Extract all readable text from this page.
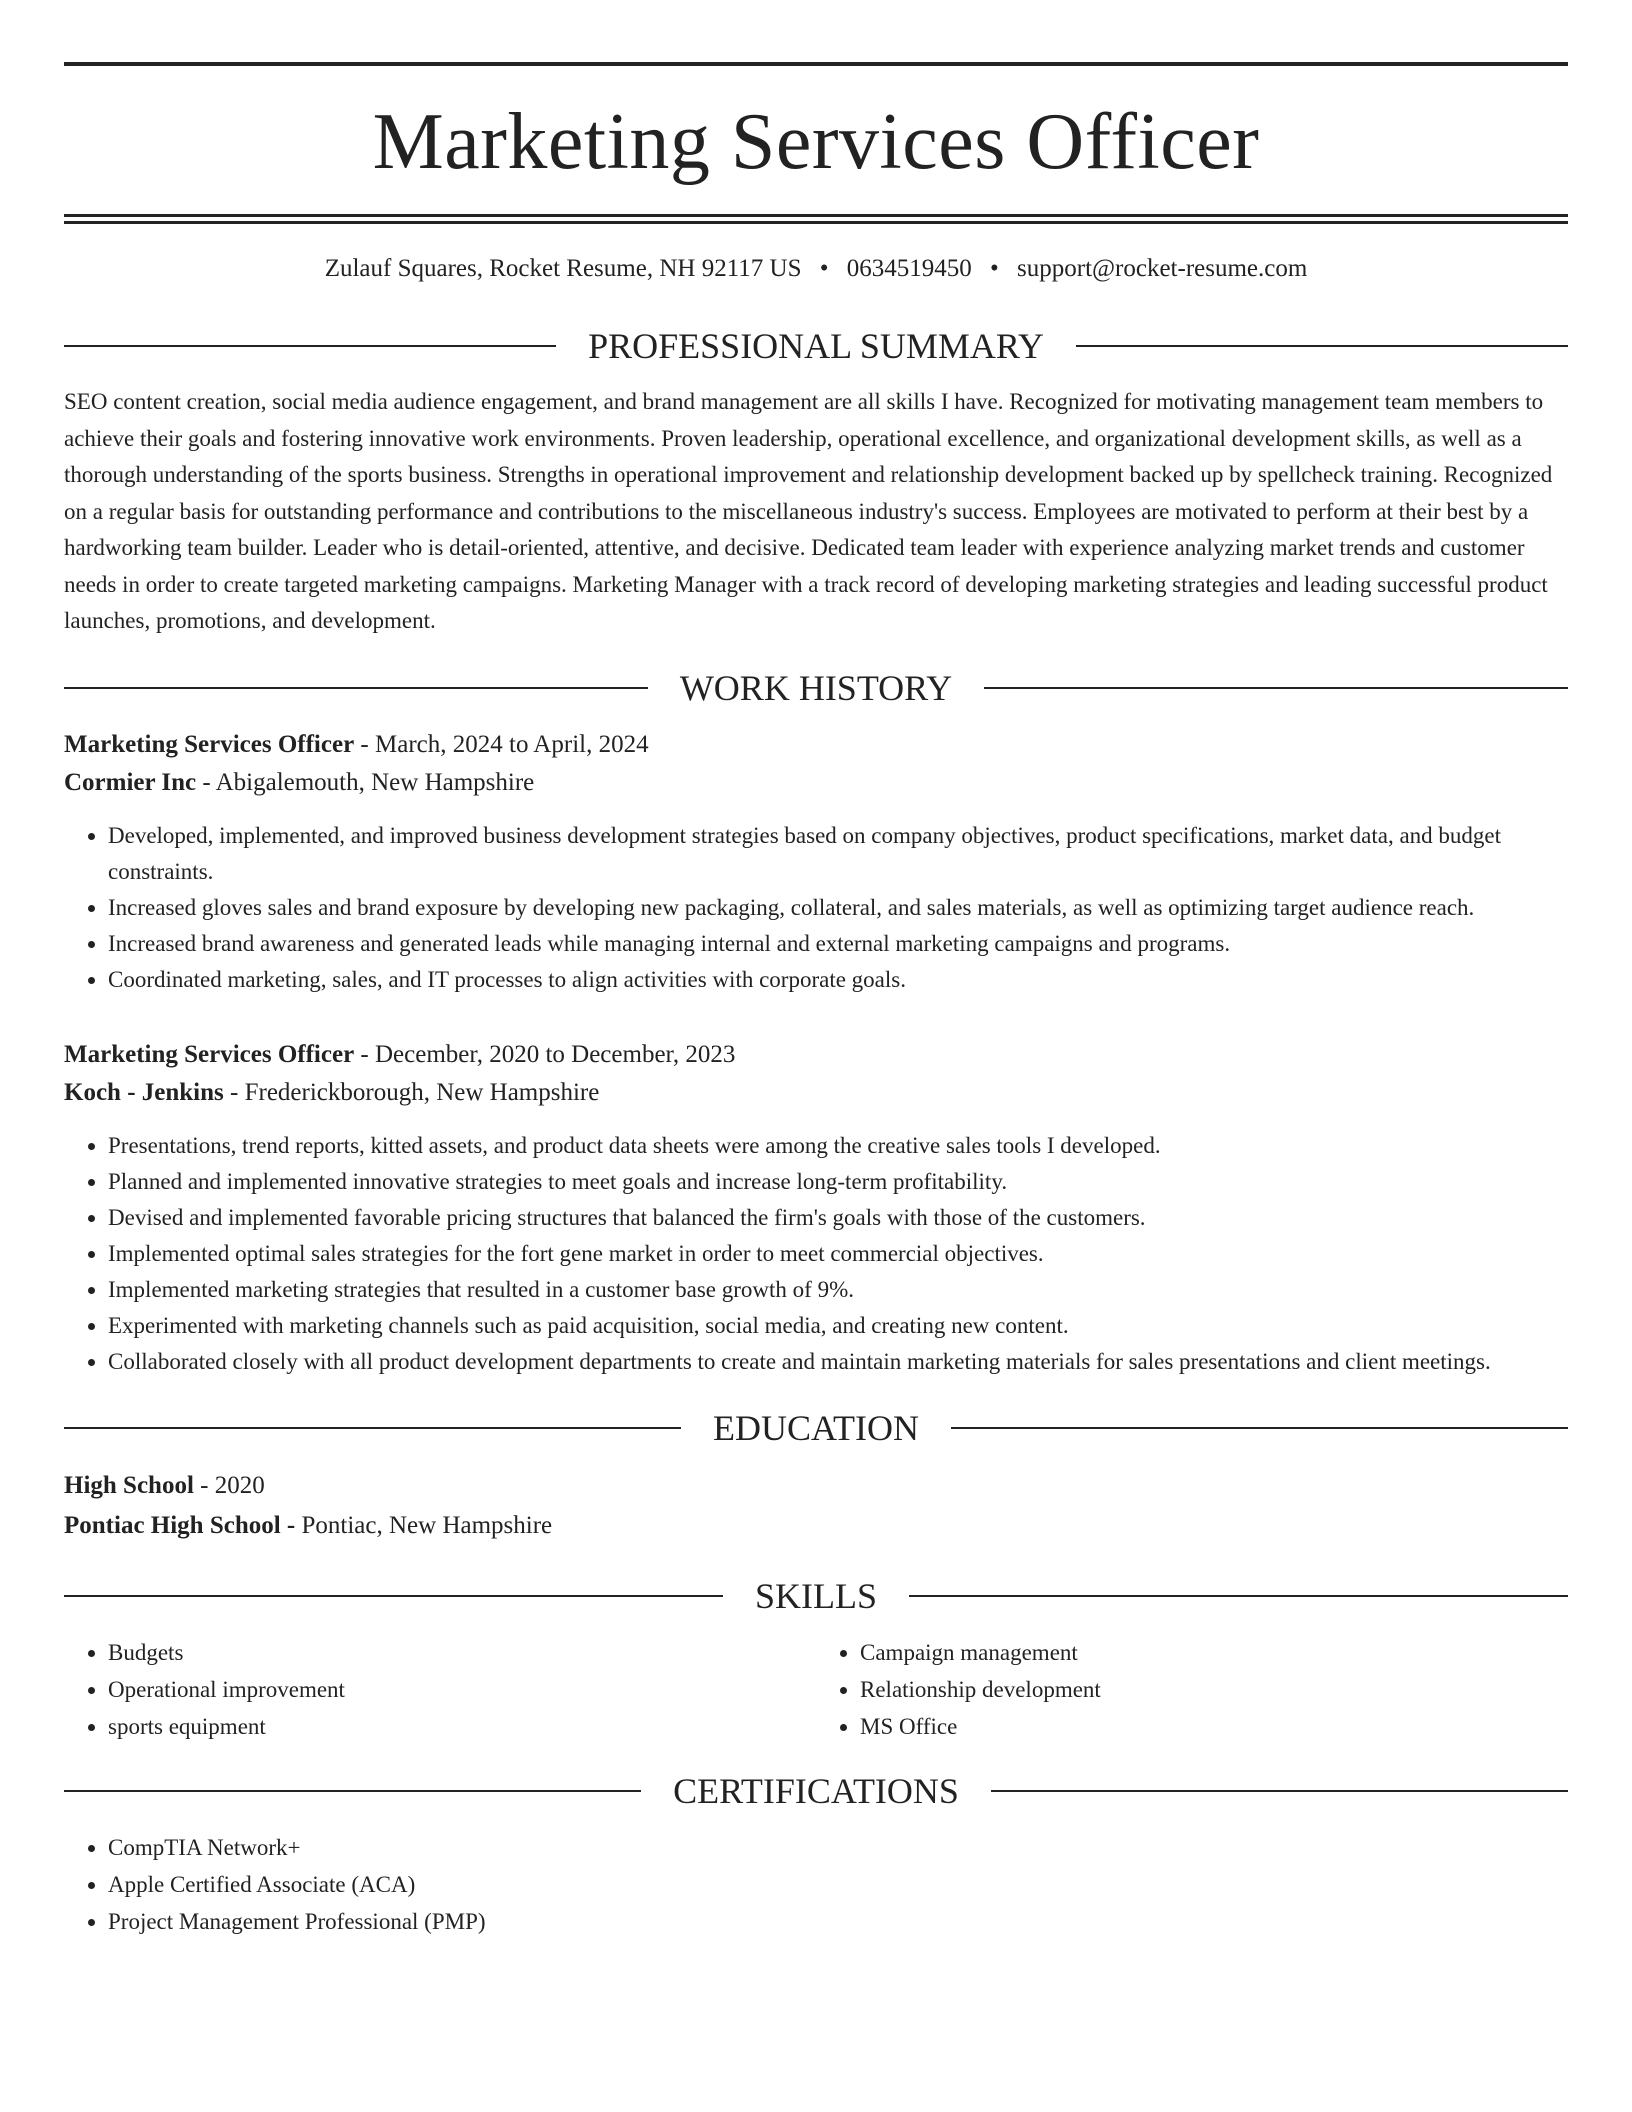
Marketing Services Officer
Zulauf Squares, Rocket Resume, NH 92117 US • 0634519450 • support@rocket-resume.com
PROFESSIONAL SUMMARY

SEO content creation, social media audience engagement, and brand management are all skills I have. Recognized for motivating management team members to achieve their goals and fostering innovative work environments. Proven leadership, operational excellence, and organizational development skills, as well as a thorough understanding of the sports business. Strengths in operational improvement and relationship development backed up by spellcheck training. Recognized on a regular basis for outstanding performance and contributions to the miscellaneous industry's success. Employees are motivated to perform at their best by a hardworking team builder. Leader who is detail-oriented, attentive, and decisive. Dedicated team leader with experience analyzing market trends and customer needs in order to create targeted marketing campaigns. Marketing Manager with a track record of developing marketing strategies and leading successful product launches, promotions, and development.

WORK HISTORY
Marketing Services Officer - March, 2024 to April, 2024
Cormier Inc - Abigalemouth, New Hampshire
• Developed, implemented, and improved business development strategies based on company objectives, product specifications, market data, and budget constraints.
• Increased gloves sales and brand exposure by developing new packaging, collateral, and sales materials, as well as optimizing target audience reach.
• Increased brand awareness and generated leads while managing internal and external marketing campaigns and programs.
• Coordinated marketing, sales, and IT processes to align activities with corporate goals.
Marketing Services Officer - December, 2020 to December, 2023
Koch - Jenkins - Frederickborough, New Hampshire
• Presentations, trend reports, kitted assets, and product data sheets were among the creative sales tools I developed.
• Planned and implemented innovative strategies to meet goals and increase long-term profitability.
• Devised and implemented favorable pricing structures that balanced the firm's goals with those of the customers.
• Implemented optimal sales strategies for the fort gene market in order to meet commercial objectives.
• Implemented marketing strategies that resulted in a customer base growth of 9%.
• Experimented with marketing channels such as paid acquisition, social media, and creating new content.
• Collaborated closely with all product development departments to create and maintain marketing materials for sales presentations and client meetings.
EDUCATION
High School - 2020
Pontiac High School - Pontiac, New Hampshire
SKILLS
• Budgets
• Operational improvement
• sports equipment
• Campaign management
• Relationship development
• MS Office
CERTIFICATIONS
• CompTIA Network+
• Apple Certified Associate (ACA)
• Project Management Professional (PMP)
